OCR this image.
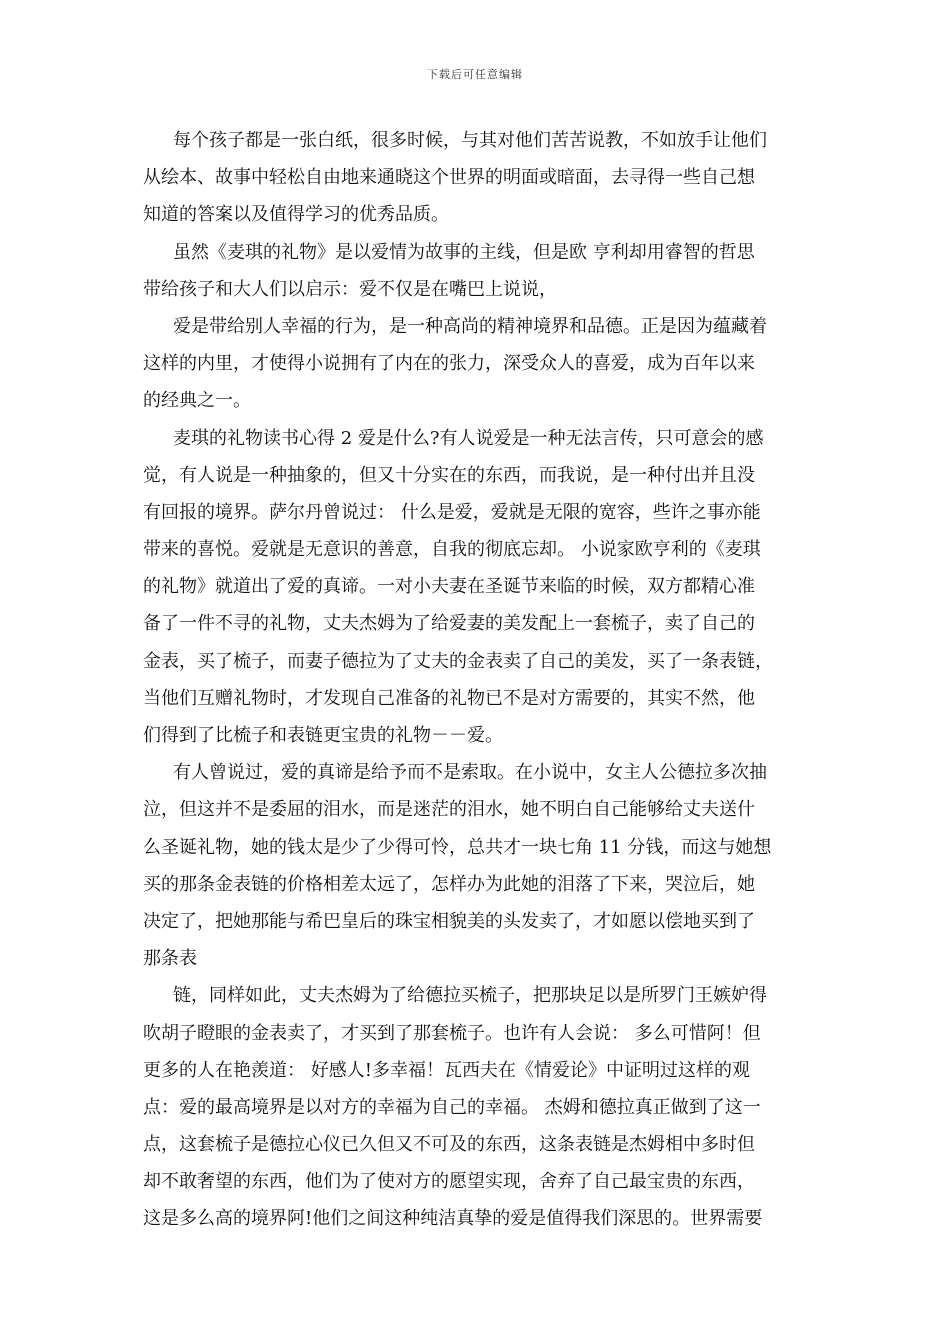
下载后可任意编辑
每个孩子都是一张白纸，很多时候，与其对他们苦苦说教，不如放手让他们
从绘本、故事中轻松自由地来通晓这个世界的明面或暗面，去寻得一些自己想
知道的答案以及值得学习的优秀品质。
虽然《麦琪的礼物》是以爱情为故事的主线，但是欧 亨利却用睿智的哲思
带给孩子和大人们以启示：爱不仅是在嘴巴上说说，
爱是带给别人幸福的行为，是一种高尚的精神境界和品德。正是因为蕴藏着
这样的内里，才使得小说拥有了内在的张力，深受众人的喜爱，成为百年以来
的经典之一。
麦琪的礼物读书心得 2 爱是什么?有人说爱是一种无法言传，只可意会的感
觉，有人说是一种抽象的，但又十分实在的东西，而我说，是一种付出并且没
有回报的境界。萨尔丹曾说过： 什么是爱，爱就是无限的宽容，些许之事亦能
带来的喜悦。爱就是无意识的善意，自我的彻底忘却。 小说家欧亨利的《麦琪
的礼物》就道出了爱的真谛。一对小夫妻在圣诞节来临的时候，双方都精心准
备了一件不寻的礼物，丈夫杰姆为了给爱妻的美发配上一套梳子，卖了自己的
金表，买了梳子，而妻子德拉为了丈夫的金表卖了自己的美发，买了一条表链，
当他们互赠礼物时，才发现自己准备的礼物已不是对方需要的，其实不然，他
们得到了比梳子和表链更宝贵的礼物－－爱。
有人曾说过，爱的真谛是给予而不是索取。在小说中，女主人公德拉多次抽
泣，但这并不是委屈的泪水，而是迷茫的泪水，她不明白自己能够给丈夫送什
么圣诞礼物，她的钱太是少了少得可怜，总共才一块七角 11 分钱，而这与她想
买的那条金表链的价格相差太远了，怎样办为此她的泪落了下来，哭泣后，她
决定了，把她那能与希巴皇后的珠宝相貌美的头发卖了，才如愿以偿地买到了
那条表
链，同样如此，丈夫杰姆为了给德拉买梳子，把那块足以是所罗门王嫉妒得
吹胡子瞪眼的金表卖了，才买到了那套梳子。也许有人会说： 多么可惜阿！但
更多的人在艳羡道： 好感人!多幸福！瓦西夫在《情爱论》中证明过这样的观
点：爱的最高境界是以对方的幸福为自己的幸福。 杰姆和德拉真正做到了这一
点，这套梳子是德拉心仪已久但又不可及的东西，这条表链是杰姆相中多时但
却不敢奢望的东西，他们为了使对方的愿望实现，舍弃了自己最宝贵的东西，
这是多么高的境界阿!他们之间这种纯洁真挚的爱是值得我们深思的。世界需要
